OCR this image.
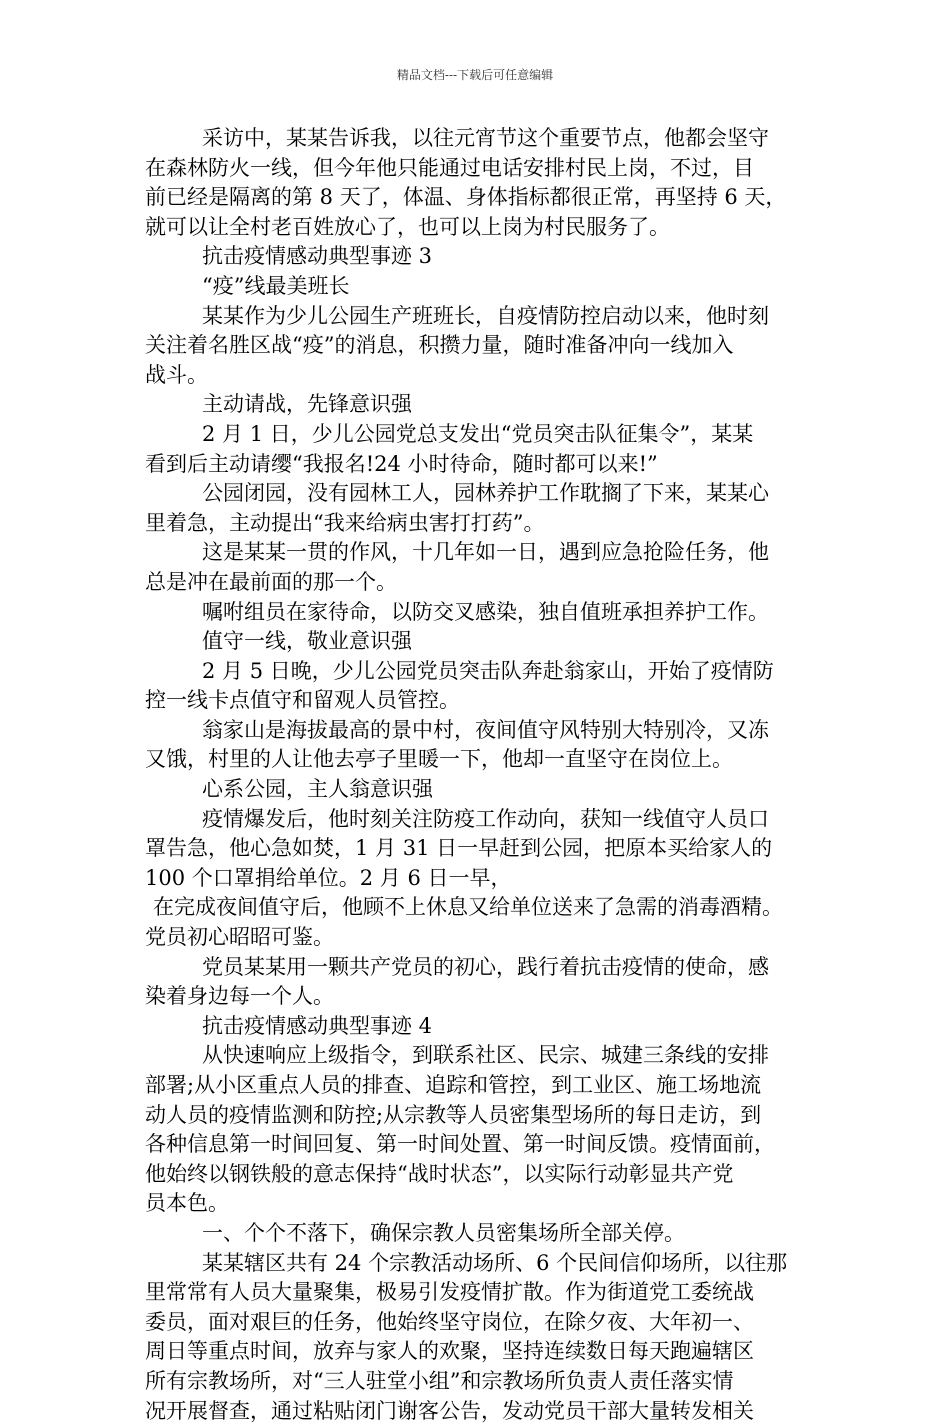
精品文档---下载后可任意编辑
采访中，某某告诉我，以往元宵节这个重要节点，他都会坚守
在森林防火一线，但今年他只能通过电话安排村民上岗，不过，目
前已经是隔离的第 8 天了，体温、身体指标都很正常，再坚持 6 天，
就可以让全村老百姓放心了，也可以上岗为村民服务了。
抗击疫情感动典型事迹 3
“疫”线最美班长
某某作为少儿公园生产班班长，自疫情防控启动以来，他时刻
关注着名胜区战“疫”的消息，积攒力量，随时准备冲向一线加入
战斗。
主动请战，先锋意识强
2 月 1 日，少儿公园党总支发出“党员突击队征集令”，某某
看到后主动请缨“我报名!24 小时待命，随时都可以来!”
公园闭园，没有园林工人，园林养护工作耽搁了下来，某某心
里着急，主动提出“我来给病虫害打打药”。
这是某某一贯的作风，十几年如一日，遇到应急抢险任务，他
总是冲在最前面的那一个。
嘱咐组员在家待命，以防交叉感染，独自值班承担养护工作。
值守一线，敬业意识强
2 月 5 日晚，少儿公园党员突击队奔赴翁家山，开始了疫情防
控一线卡点值守和留观人员管控。
翁家山是海拔最高的景中村，夜间值守风特别大特别冷，又冻
又饿，村里的人让他去亭子里暖一下，他却一直坚守在岗位上。
心系公园，主人翁意识强
疫情爆发后，他时刻关注防疫工作动向，获知一线值守人员口
罩告急，他心急如焚，1 月 31 日一早赶到公园，把原本买给家人的
100 个口罩捐给单位。2 月 6 日一早，
在完成夜间值守后，他顾不上休息又给单位送来了急需的消毒酒精。
党员初心昭昭可鉴。
党员某某用一颗共产党员的初心，践行着抗击疫情的使命，感
染着身边每一个人。
抗击疫情感动典型事迹 4
从快速响应上级指令，到联系社区、民宗、城建三条线的安排
部署;从小区重点人员的排查、追踪和管控，到工业区、施工场地流
动人员的疫情监测和防控;从宗教等人员密集型场所的每日走访，到
各种信息第一时间回复、第一时间处置、第一时间反馈。疫情面前，
他始终以钢铁般的意志保持“战时状态”，以实际行动彰显共产党
员本色。
一、个个不落下，确保宗教人员密集场所全部关停。
某某辖区共有 24 个宗教活动场所、6 个民间信仰场所，以往那
里常常有人员大量聚集，极易引发疫情扩散。作为街道党工委统战
委员，面对艰巨的任务，他始终坚守岗位，在除夕夜、大年初一、
周日等重点时间，放弃与家人的欢聚，坚持连续数日每天跑遍辖区
所有宗教场所，对“三人驻堂小组”和宗教场所负责人责任落实情
况开展督查，通过粘贴闭门谢客公告，发动党员干部大量转发相关
